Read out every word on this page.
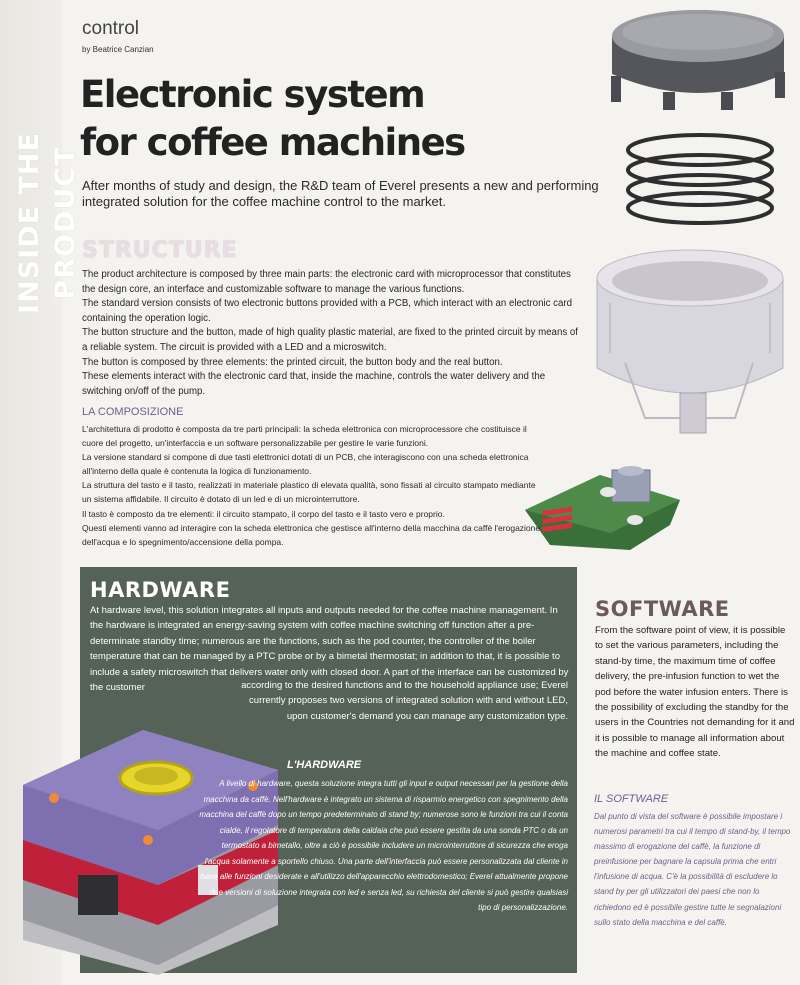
INSIDE THE PRODUCT
control
by Beatrice Canzian
Electronic system
for coffee machines
After months of study and design, the R&D team of Everel presents a new and performing integrated solution for the coffee machine control to the market.
STRUCTURE

The product architecture is composed by three main parts: the electronic card with microprocessor that constitutes the design core, an interface and customizable software to manage the various functions.

The standard version consists of two electronic buttons provided with a PCB, which interact with an electronic card containing the operation logic.

The button structure and the button, made of high quality plastic material, are fixed to the printed circuit by means of a reliable system. The circuit is provided with a LED and a microswitch.

The button is composed by three elements: the printed circuit, the button body and the real button.

These elements interact with the electronic card that, inside the machine, controls the water delivery and the switching on/off of the pump.

LA COMPOSIZIONE

L'architettura di prodotto è composta da tre parti principali: la scheda elettronica con microprocessore che costituisce il cuore del progetto, un'interfaccia e un software personalizzabile per gestire le varie funzioni.

La versione standard si compone di due tasti elettronici dotati di un PCB, che interagiscono con una scheda elettronica all'interno della quale è contenuta la logica di funzionamento.

La struttura del tasto e il tasto, realizzati in materiale plastico di elevata qualità, sono fissati al circuito stampato mediante un sistema affidabile. Il circuito è dotato di un led e di un microinterruttore.

Il tasto è composto da tre elementi: il circuito stampato, il corpo del tasto e il tasto vero e proprio.

Questi elementi vanno ad interagire con la scheda elettronica che gestisce all'interno della macchina da caffè l'erogazione dell'acqua e lo spegnimento/accensione della pompa.

HARDWARE
At hardware level, this solution integrates all inputs and outputs needed for the coffee machine management. In the hardware is integrated an energy-saving system with coffee machine switching off function after a pre-determinate standby time; numerous are the functions, such as the pod counter, the controller of the boiler temperature that can be managed by a PTC probe or by a bimetal thermostat; in addition to that, it is possible to include a safety microswitch that delivers water only with closed door. A part of the interface can be customized by the customer	according to the desired functions and to the household appliance use; Everel currently proposes two versions of integrated solution with and without LED, upon customer's demand you can manage any customization type.
L'HARDWARE
A livello di hardware, questa soluzione integra tutti gli input e output necessari per la gestione della macchina da caffè. Nell'hardware è integrato un sistema di risparmio energetico con spegnimento della macchina del caffè dopo un tempo predeterminato di stand by; numerose sono le funzioni tra cui il conta cialde, il regolatore di temperatura della caldaia che può essere gestita da una sonda PTC o da un termostato a bimetallo, oltre a ciò è possibile includere un microinterruttore di sicurezza che eroga l'acqua solamente a sportello chiuso. Una parte dell'interfaccia può essere personalizzata dal cliente in base alle funzioni desiderate e all'utilizzo dell'apparecchio elettrodomestico; Everel attualmente propone due versioni di soluzione integrata con led e senza led, su richiesta del cliente si può gestire qualsiasi tipo di personalizzazione.
SOFTWARE
From the software point of view, it is possible to set the various parameters, including the stand-by time, the maximum time of coffee delivery, the pre-infusion function to wet the pod before the water infusion enters. There is the possibility of excluding the standby for the users in the Countries not demanding for it and it is possible to manage all information about the machine and coffee state.
IL SOFTWARE
Dal punto di vista del software è possibile impostare i numerosi parametri tra cui il tempo di stand-by, il tempo massimo di erogazione del caffè, la funzione di preinfusione per bagnare la capsula prima che entri l'infusione di acqua. C'è la possibilità di escludere lo stand by per gli utilizzatori dei paesi che non lo richiedono ed è possibile gestire tutte le segnalazioni sullo stato della macchina e del caffè.
